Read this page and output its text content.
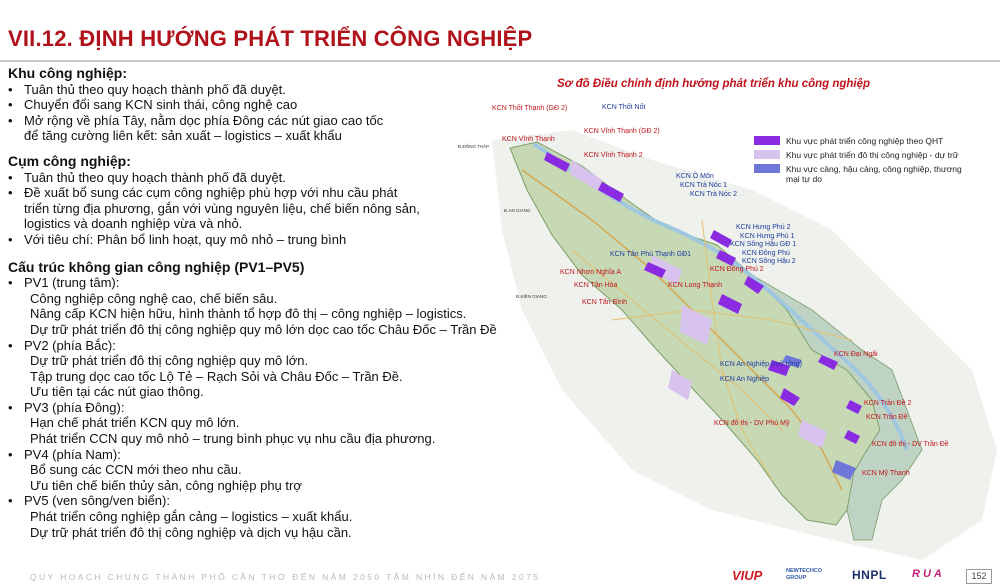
VII.12. ĐỊNH HƯỚNG PHÁT TRIỂN CÔNG NGHIỆP
Khu công nghiệp:
• Tuân thủ theo quy hoạch thành phố đã duyệt.
• Chuyển đổi sang KCN sinh thái, công nghệ cao
• Mở rộng về phía Tây, nằm dọc phía Đông các nút giao cao tốc
để tăng cường liên kết: sản xuất – logistics – xuất khẩu
Cụm công nghiệp:
• Tuân thủ theo quy hoạch thành phố đã duyệt.
• Đề xuất bổ sung các cụm công nghiệp phù hợp với nhu cầu phát
triển từng địa phương, gắn với vùng nguyên liệu, chế biến nông sản,
logistics và doanh nghiệp vừa và nhỏ.
• Với tiêu chí: Phân bổ linh hoạt, quy mô nhỏ – trung bình
Cấu trúc không gian công nghiệp (PV1–PV5)
• PV1 (trung tâm):
Công nghiệp công nghệ cao, chế biến sâu.
Nâng cấp KCN hiện hữu, hình thành tổ hợp đô thị – công nghiệp – logistics.
Dự trữ phát triển đô thị công nghiệp quy mô lớn dọc cao tốc Châu Đốc – Trần Đề
• PV2 (phía Bắc):
Dự trữ phát triển đô thị công nghiệp quy mô lớn.
Tập trung dọc cao tốc Lộ Tẻ – Rạch Sỏi và Châu Đốc – Trần Đề.
Ưu tiên tại các nút giao thông.
• PV3 (phía Đông):
Hạn chế phát triển KCN quy mô lớn.
Phát triển CCN quy mô nhỏ – trung bình phục vụ nhu cầu địa phương.
• PV4 (phía Nam):
Bổ sung các CCN mới theo nhu cầu.
Ưu tiên chế biến thủy sản, công nghiệp phụ trợ
• PV5 (ven sông/ven biển):
Phát triển công nghiệp gắn cảng – logistics – xuất khẩu.
Dự trữ phát triển đô thị công nghiệp và dịch vụ hậu cần.
Sơ đồ Điều chỉnh định hướng phát triển khu công nghiệp
Khu vực phát triển công nghiệp theo QHT
Khu vực phát triển đô thị công nghiệp - dự trữ
Khu vực cảng, hậu cảng, công nghiệp, thương mại tự do
Đ.ĐỒNG THÁP
Đ.AN GIANG
Đ.KIÊN GIANG
KCN Thốt Thạnh (GĐ 2)	KCN Thốt Nốt
KCN Vĩnh Thạnh
KCN Vĩnh Thạnh (GĐ 2)
KCN Vĩnh Thạnh 2
KCN Ô Môn
KCN Trà Nóc 1
KCN Trà Nóc 2
KCN Hưng Phú 2
KCN Hưng Phú 1
KCN Sông Hậu GĐ 1
KCN Đông Phú
KCN Sông Hậu 2
KCN Tân Phú Thạnh GĐ1
KCN Đông Phú 2
KCN Nhơn Nghĩa A
KCN Tân Hòa	KCN Long Thạnh
KCN Tân Bình
KCN Đại Ngãi
KCN An Nghiệp (mở rộng)
KCN An Nghiệp
KCN Trần Đề 2
KCN Trần Đề
KCN đô thị - DV Phú Mỹ
KCN đô thị - DV Trần Đề
KCN Mỹ Thạnh
QUY HOẠCH CHUNG THÀNH PHỐ CẦN THƠ ĐẾN NĂM 2050 TẦM NHÌN ĐẾN NĂM 2075	VIUP	NEWTECHCO GROUP	HNPL RUA	152
